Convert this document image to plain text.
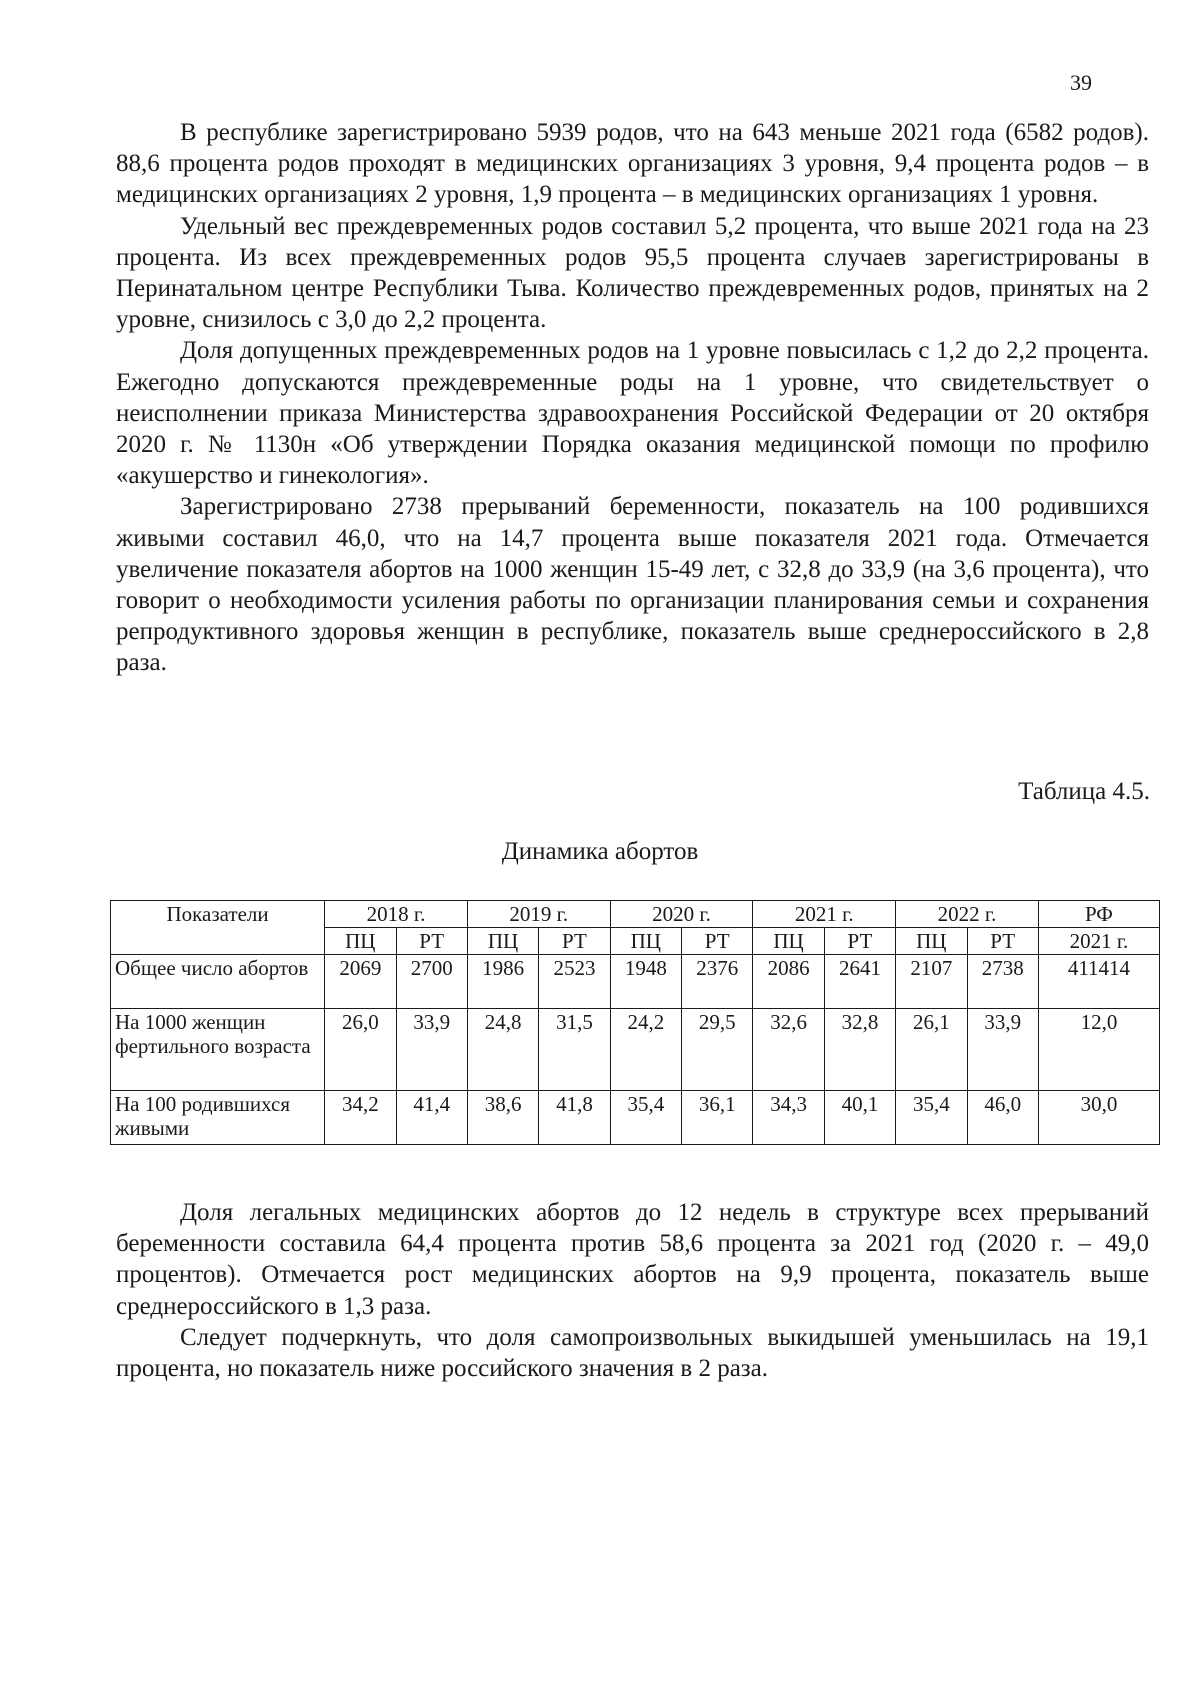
39

В республике зарегистрировано 5939 родов, что на 643 меньше 2021 года (6582 родов). 88,6 процента родов проходят в медицинских организациях 3 уровня, 9,4 процента родов – в медицинских организациях 2 уровня, 1,9 процента – в медицинских организациях 1 уровня.

Удельный вес преждевременных родов составил 5,2 процента, что выше 2021 года на 23 процента. Из всех преждевременных родов 95,5 процента случаев зарегистрированы в Перинатальном центре Республики Тыва. Количество преждевременных родов, принятых на 2 уровне, снизилось с 3,0 до 2,2 процента.

Доля допущенных преждевременных родов на 1 уровне повысилась с 1,2 до 2,2 процента. Ежегодно допускаются преждевременные роды на 1 уровне, что свидетельствует о неисполнении приказа Министерства здравоохранения Российской Федерации от 20 октября 2020 г. № 1130н «Об утверждении Порядка оказания медицинской помощи по профилю «акушерство и гинекология».

Зарегистрировано 2738 прерываний беременности, показатель на 100 родившихся живыми составил 46,0, что на 14,7 процента выше показателя 2021 года. Отмечается увеличение показателя абортов на 1000 женщин 15-49 лет, с 32,8 до 33,9 (на 3,6 процента), что говорит о необходимости усиления работы по организации планирования семьи и сохранения репродуктивного здоровья женщин в республике, показатель выше среднероссийского в 2,8 раза.

Таблица 4.5.
Динамика абортов
Показатели	2018 г.		2019 г.		2020 г.		2021 г.		2022 г.		РФ
	ПЦ	РТ	ПЦ	РТ	ПЦ	РТ	ПЦ	РТ	ПЦ	РТ	2021 г.
Общее число абортов	2069	2700	1986	2523	1948	2376	2086	2641	2107	2738	411414
На 1000 женщин фертильного возраста	26,0	33,9	24,8	31,5	24,2	29,5	32,6	32,8	26,1	33,9	12,0
На 100 родившихся живыми	34,2	41,4	38,6	41,8	35,4	36,1	34,3	40,1	35,4	46,0	30,0

Доля легальных медицинских абортов до 12 недель в структуре всех прерываний беременности составила 64,4 процента против 58,6 процента за 2021 год (2020 г. – 49,0 процентов). Отмечается рост медицинских абортов на 9,9 процента, показатель выше среднероссийского в 1,3 раза.

Следует подчеркнуть, что доля самопроизвольных выкидышей уменьшилась на 19,1 процента, но показатель ниже российского значения в 2 раза.
